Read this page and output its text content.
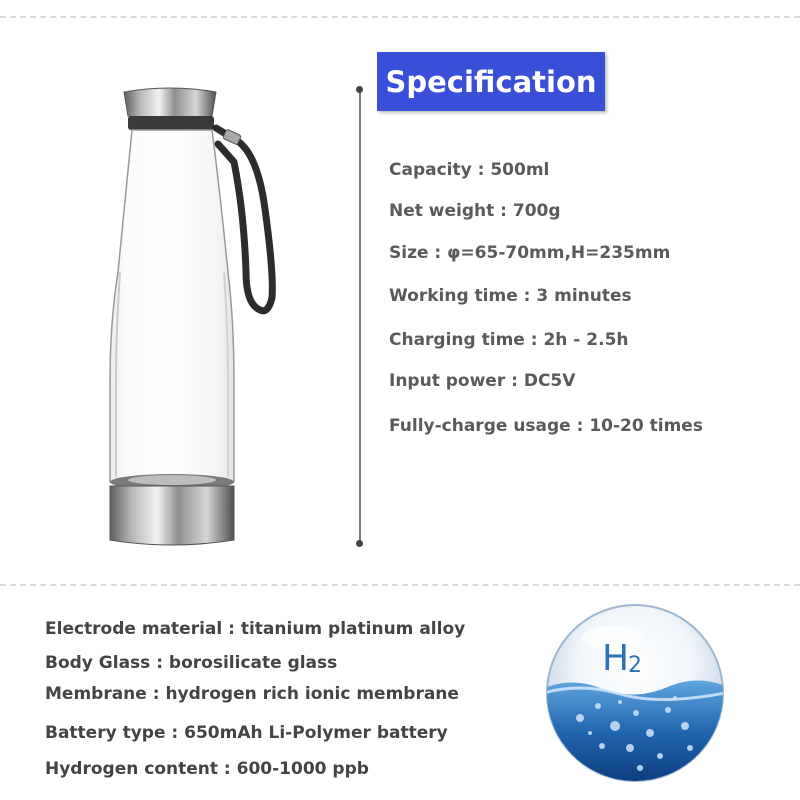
Specification
Capacity : 500ml
Net weight : 700g
Size : φ=65-70mm,H=235mm
Working time : 3 minutes
Charging time : 2h - 2.5h
Input power : DC5V
Fully-charge usage : 10-20 times
Electrode material : titanium platinum alloy
Body Glass : borosilicate glass
Membrane : hydrogen rich ionic membrane
Battery type : 650mAh Li-Polymer battery
Hydrogen content : 600-1000 ppb
H
2
